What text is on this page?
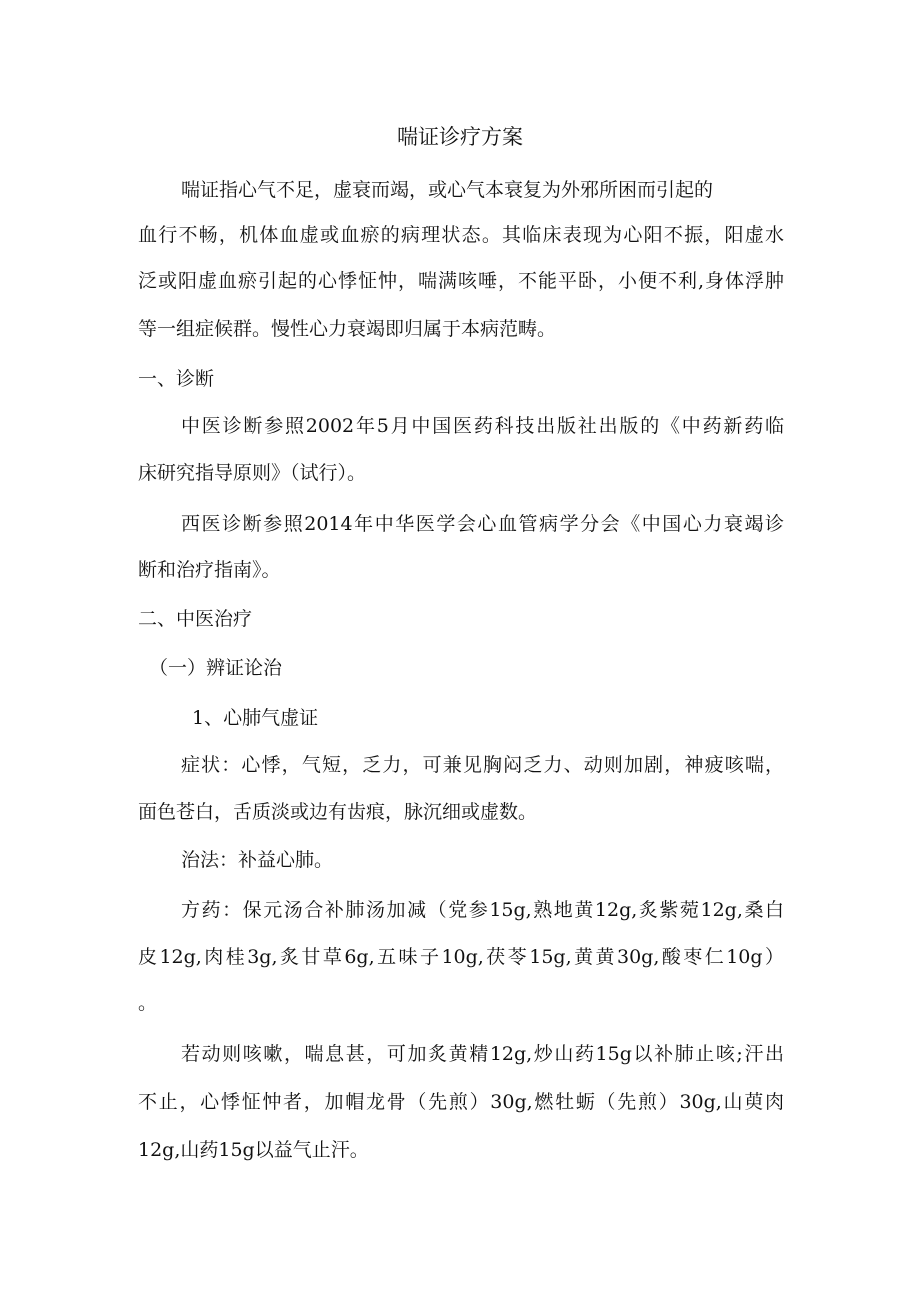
喘证诊疗方案
喘证指心气不足，虚衰而竭，或心气本衰复为外邪所困而引起的
血行不畅，机体血虚或血瘀的病理状态。其临床表现为心阳不振，阳虚水
泛或阳虚血瘀引起的心悸怔忡，喘满咳唾，不能平卧，小便不利,身体浮肿
等一组症候群。慢性心力衰竭即归属于本病范畴。
一、诊断
中医诊断参照2002年5月中国医药科技出版社出版的《中药新药临
床研究指导原则》（试行）。
西医诊断参照2014年中华医学会心血管病学分会《中国心力衰竭诊
断和治疗指南》。
二、中医治疗
（一）辨证论治
1、心肺气虚证
症状：心悸，气短，乏力，可兼见胸闷乏力、动则加剧，神疲咳喘，
面色苍白，舌质淡或边有齿痕，脉沉细或虚数。
治法：补益心肺。
方药：保元汤合补肺汤加减（党参15g,熟地黄12g,炙紫菀12g,桑白
皮12g,肉桂3g,炙甘草6g,五味子10g,茯苓15g,黄黄30g,酸枣仁10g）
。
若动则咳嗽，喘息甚，可加炙黄精12g,炒山药15g以补肺止咳;汗出
不止，心悸怔忡者，加帽龙骨（先煎）30g,燃牡蛎（先煎）30g,山萸肉
12g,山药15g以益气止汗。
